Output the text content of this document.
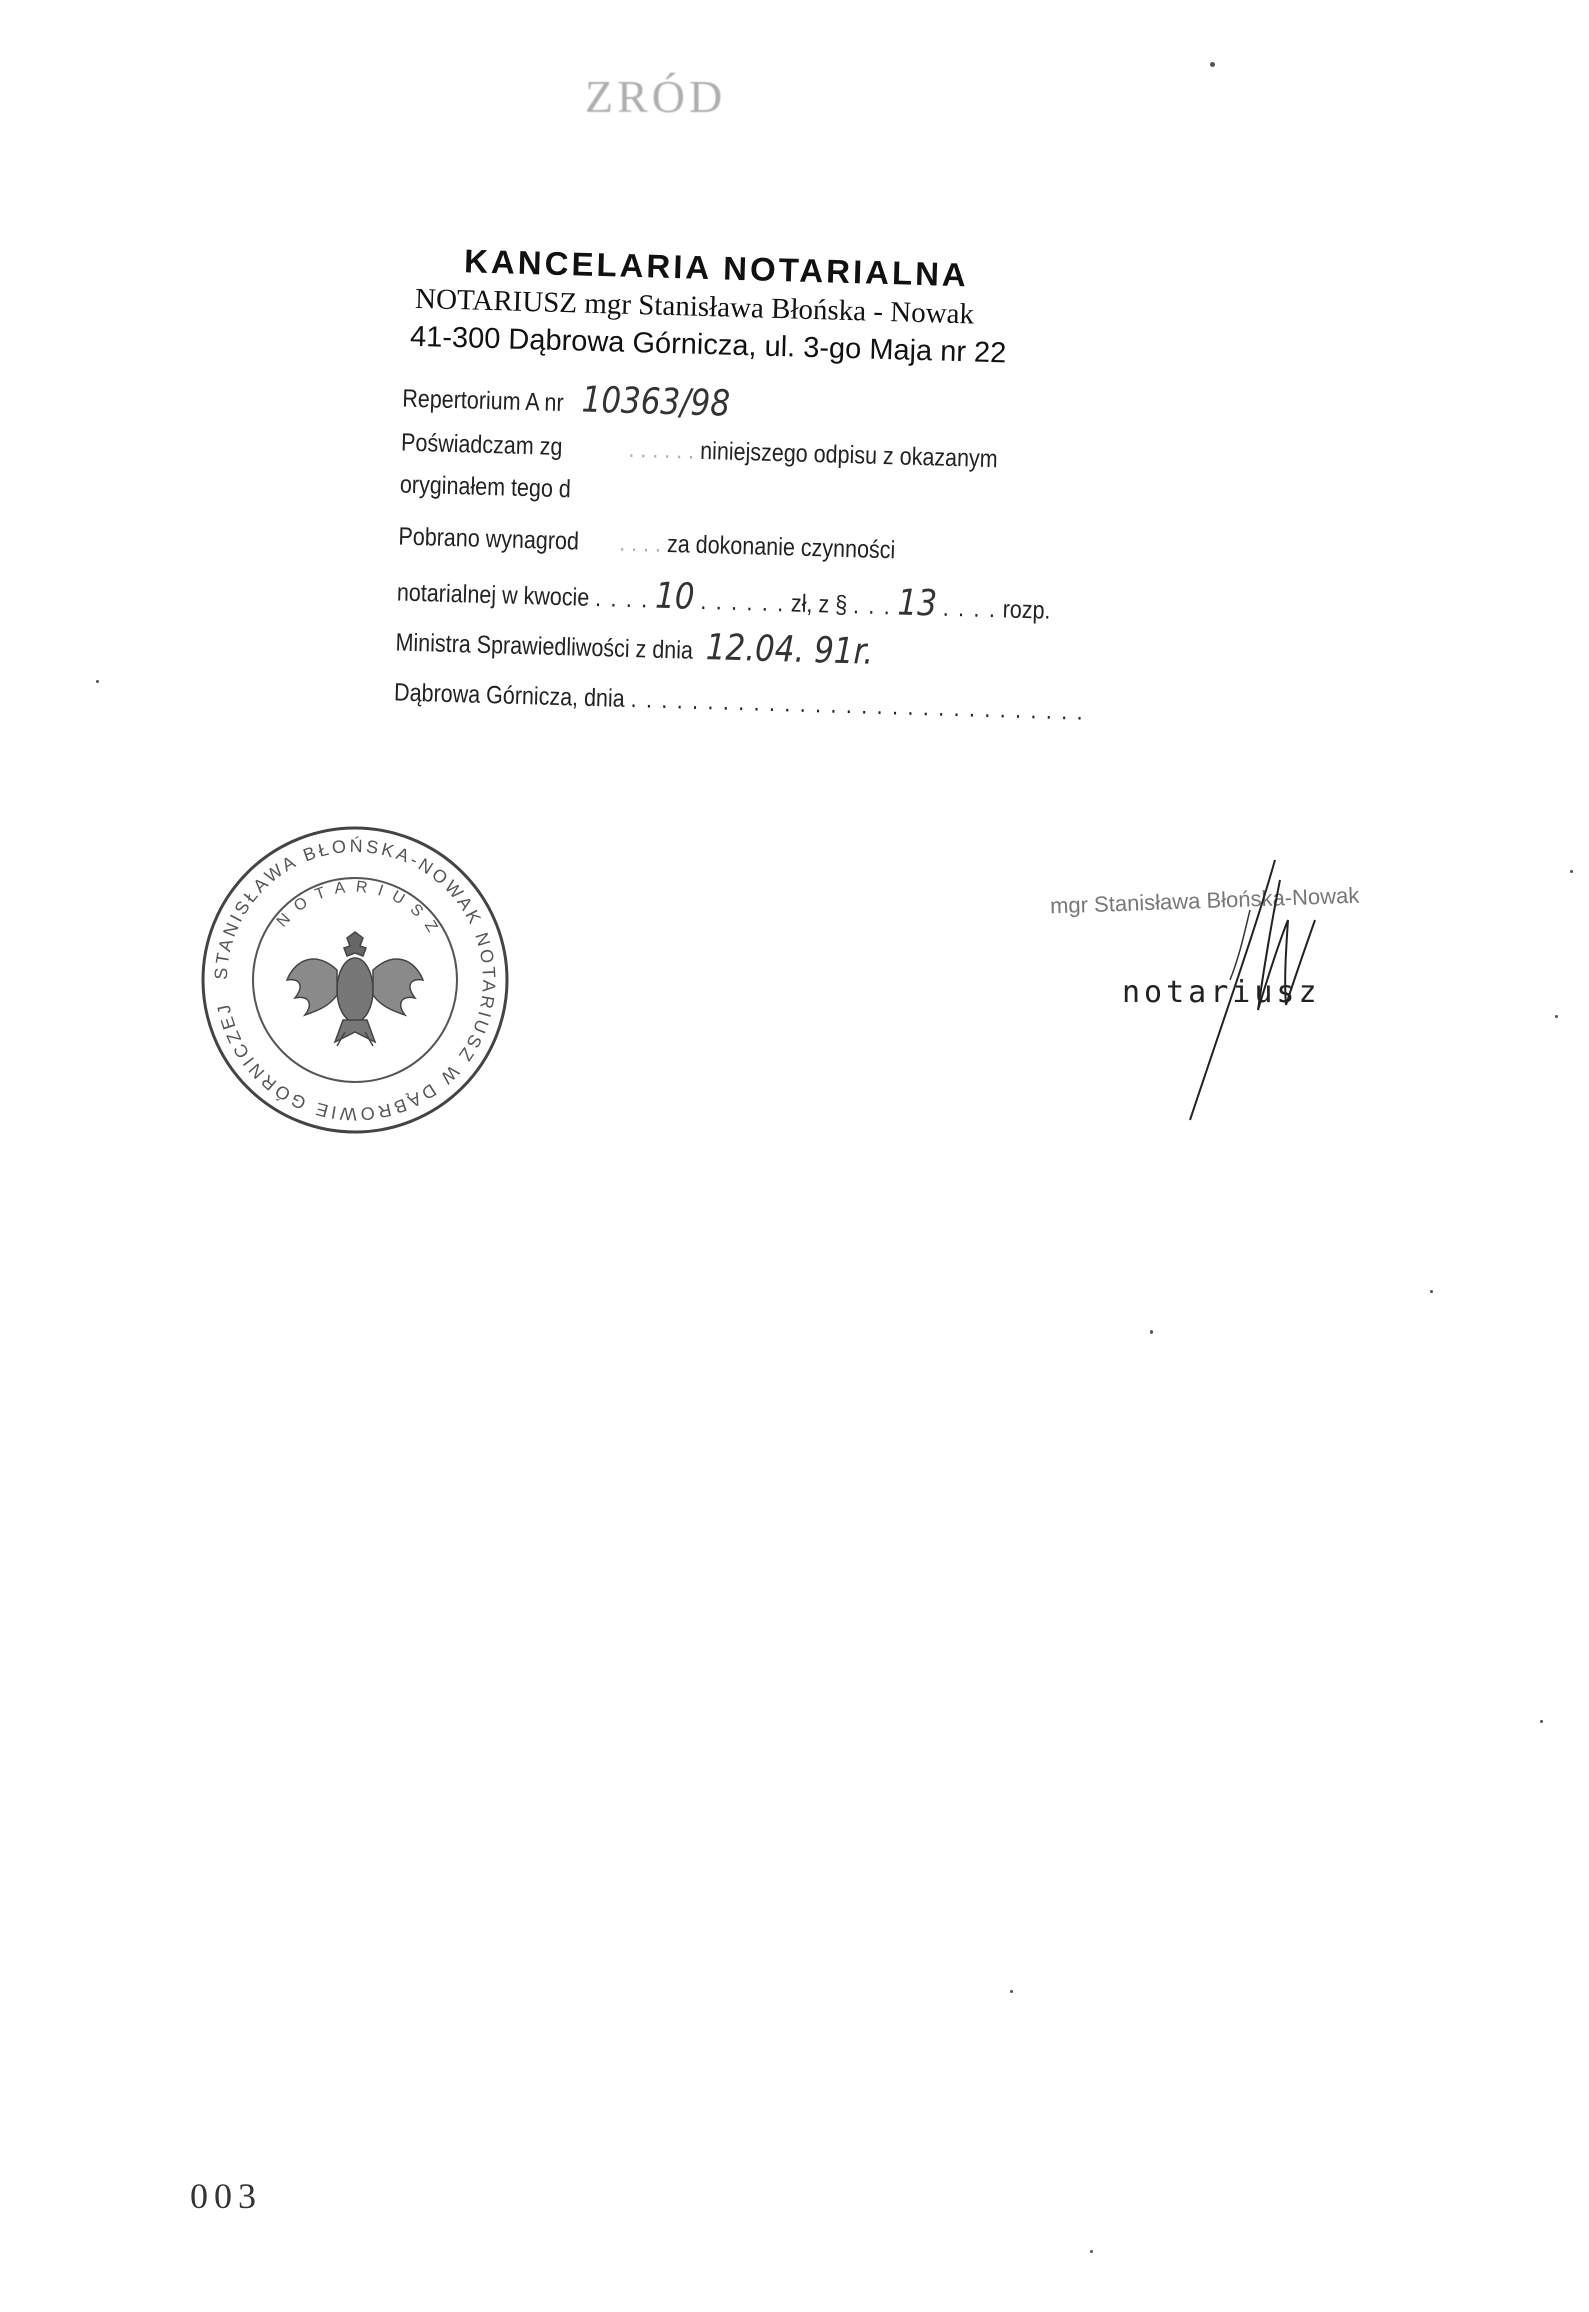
ZRÓD
KANCELARIA NOTARIALNA
NOTARIUSZ mgr Stanisława Błońska - Nowak
41-300 Dąbrowa Górnicza, ul. 3-go Maja nr 22
Repertorium A nr 10363/98
Poświadczam zg	. . . . . . niniejszego odpisu z okazanym
oryginałem tego d
Pobrano wynagrod . . . . za dokonanie czynności
notarialnej w kwocie . . . . 10 . . . . . . zł, z § . . . 13 . . . . rozp.
Ministra Sprawiedliwości z dnia 12.04. 91r.
Dąbrowa Górnicza, dnia . . . . . . . . . . . . . . . . . . . . . . . . . . . . . .
STANISŁAWA BŁOŃSKA-NOWAK NOTARIUSZ W DĄBROWIE GÓRNICZEJ
NOTARIUSZ
mgr Stanisława Błońska-Nowak
notariusz
003
